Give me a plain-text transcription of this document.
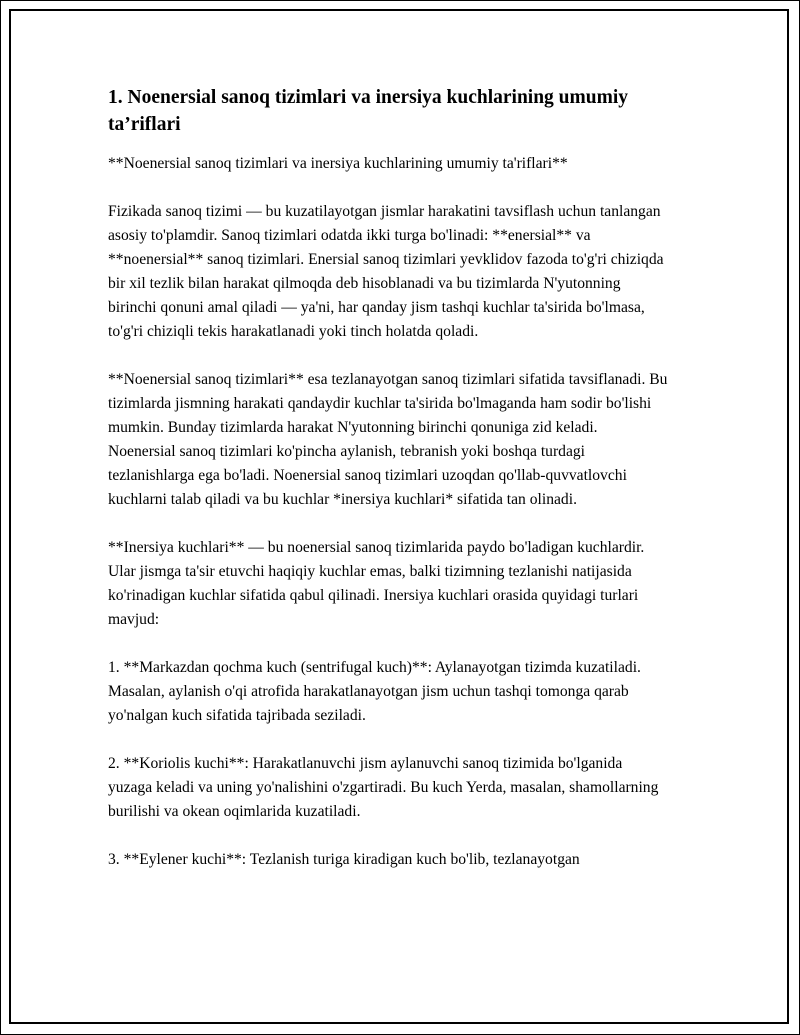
1. Noenersial sanoq tizimlari va inersiya kuchlarining umumiy ta’riflari

**Noenersial sanoq tizimlari va inersiya kuchlarining umumiy ta'riflari**

Fizikada sanoq tizimi — bu kuzatilayotgan jismlar harakatini tavsiflash uchun tanlangan asosiy to'plamdir. Sanoq tizimlari odatda ikki turga bo'linadi: **enersial** va **noenersial** sanoq tizimlari. Enersial sanoq tizimlari yevklidov fazoda to'g'ri chiziqda bir xil tezlik bilan harakat qilmoqda deb hisoblanadi va bu tizimlarda N'yutonning birinchi qonuni amal qiladi — ya'ni, har qanday jism tashqi kuchlar ta'sirida bo'lmasa, to'g'ri chiziqli tekis harakatlanadi yoki tinch holatda qoladi.

**Noenersial sanoq tizimlari** esa tezlanayotgan sanoq tizimlari sifatida tavsiflanadi. Bu tizimlarda jismning harakati qandaydir kuchlar ta'sirida bo'lmaganda ham sodir bo'lishi mumkin. Bunday tizimlarda harakat N'yutonning birinchi qonuniga zid keladi. Noenersial sanoq tizimlari ko'pincha aylanish, tebranish yoki boshqa turdagi tezlanishlarga ega bo'ladi. Noenersial sanoq tizimlari uzoqdan qo'llab-quvvatlovchi kuchlarni talab qiladi va bu kuchlar *inersiya kuchlari* sifatida tan olinadi.

**Inersiya kuchlari** — bu noenersial sanoq tizimlarida paydo bo'ladigan kuchlardir. Ular jismga ta'sir etuvchi haqiqiy kuchlar emas, balki tizimning tezlanishi natijasida ko'rinadigan kuchlar sifatida qabul qilinadi. Inersiya kuchlari orasida quyidagi turlari mavjud:

1. **Markazdan qochma kuch (sentrifugal kuch)**: Aylanayotgan tizimda kuzatiladi. Masalan, aylanish o'qi atrofida harakatlanayotgan jism uchun tashqi tomonga qarab yo'nalgan kuch sifatida tajribada seziladi.

2. **Koriolis kuchi**: Harakatlanuvchi jism aylanuvchi sanoq tizimida bo'lganida yuzaga keladi va uning yo'nalishini o'zgartiradi. Bu kuch Yerda, masalan, shamollarning burilishi va okean oqimlarida kuzatiladi.

3. **Eylener kuchi**: Tezlanish turiga kiradigan kuch bo'lib, tezlanayotgan
